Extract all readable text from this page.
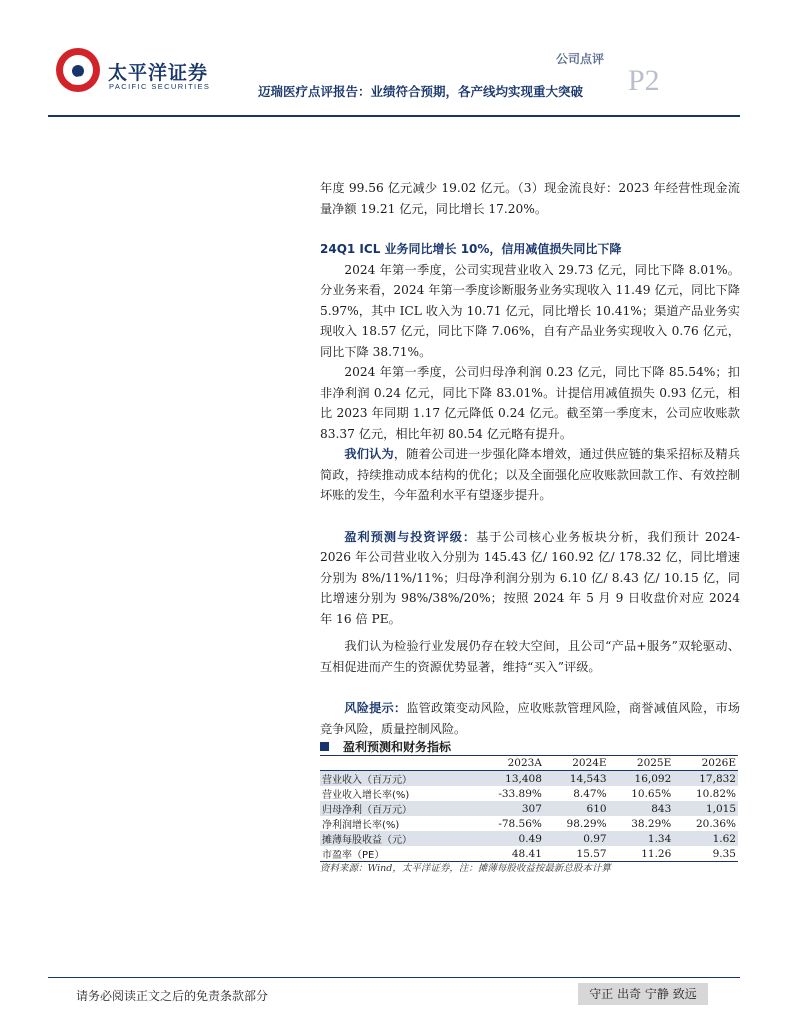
太平洋证券
PACIFIC SECURITIES
公司点评
P2
迈瑞医疗点评报告：业绩符合预期，各产线均实现重大突破

年度 99.56 亿元减少 19.02 亿元。（3）现金流良好：2023 年经营性现金流量净额 19.21 亿元，同比增长 17.20%。

24Q1 ICL 业务同比增长 10%，信用减值损失同比下降

2024 年第一季度，公司实现营业收入 29.73 亿元，同比下降 8.01%。分业务来看，2024 年第一季度诊断服务业务实现收入 11.49 亿元，同比下降 5.97%，其中 ICL 收入为 10.71 亿元，同比增长 10.41%；渠道产品业务实现收入 18.57 亿元，同比下降 7.06%，自有产品业务实现收入 0.76 亿元，同比下降 38.71%。

2024 年第一季度，公司归母净利润 0.23 亿元，同比下降 85.54%；扣非净利润 0.24 亿元，同比下降 83.01%。计提信用减值损失 0.93 亿元，相比 2023 年同期 1.17 亿元降低 0.24 亿元。截至第一季度末，公司应收账款 83.37 亿元，相比年初 80.54 亿元略有提升。

我们认为，随着公司进一步强化降本增效，通过供应链的集采招标及精兵简政，持续推动成本结构的优化；以及全面强化应收账款回款工作、有效控制坏账的发生，今年盈利水平有望逐步提升。

盈利预测与投资评级：基于公司核心业务板块分析，我们预计 2024-2026 年公司营业收入分别为 145.43 亿/ 160.92 亿/ 178.32 亿，同比增速分别为 8%/11%/11%；归母净利润分别为 6.10 亿/ 8.43 亿/ 10.15 亿，同比增速分别为 98%/38%/20%；按照 2024 年 5 月 9 日收盘价对应 2024 年 16 倍 PE。

我们认为检验行业发展仍存在较大空间，且公司“产品+服务”双轮驱动、互相促进而产生的资源优势显著，维持“买入”评级。

风险提示：监管政策变动风险，应收账款管理风险，商誉减值风险，市场竞争风险，质量控制风险。

盈利预测和财务指标
	2023A	2024E	2025E	2026E
营业收入（百万元）	13,408	14,543	16,092	17,832
营业收入增长率(%)	-33.89%	8.47%	10.65%	10.82%
归母净利（百万元）	307	610	843	1,015
净利润增长率(%)	-78.56%	98.29%	38.29%	20.36%
摊薄每股收益（元）	0.49	0.97	1.34	1.62
市盈率（PE）	48.41	15.57	11.26	9.35
资料来源：Wind，太平洋证券，注：摊薄每股收益按最新总股本计算
请务必阅读正文之后的免责条款部分	守正 出奇 宁静 致远
